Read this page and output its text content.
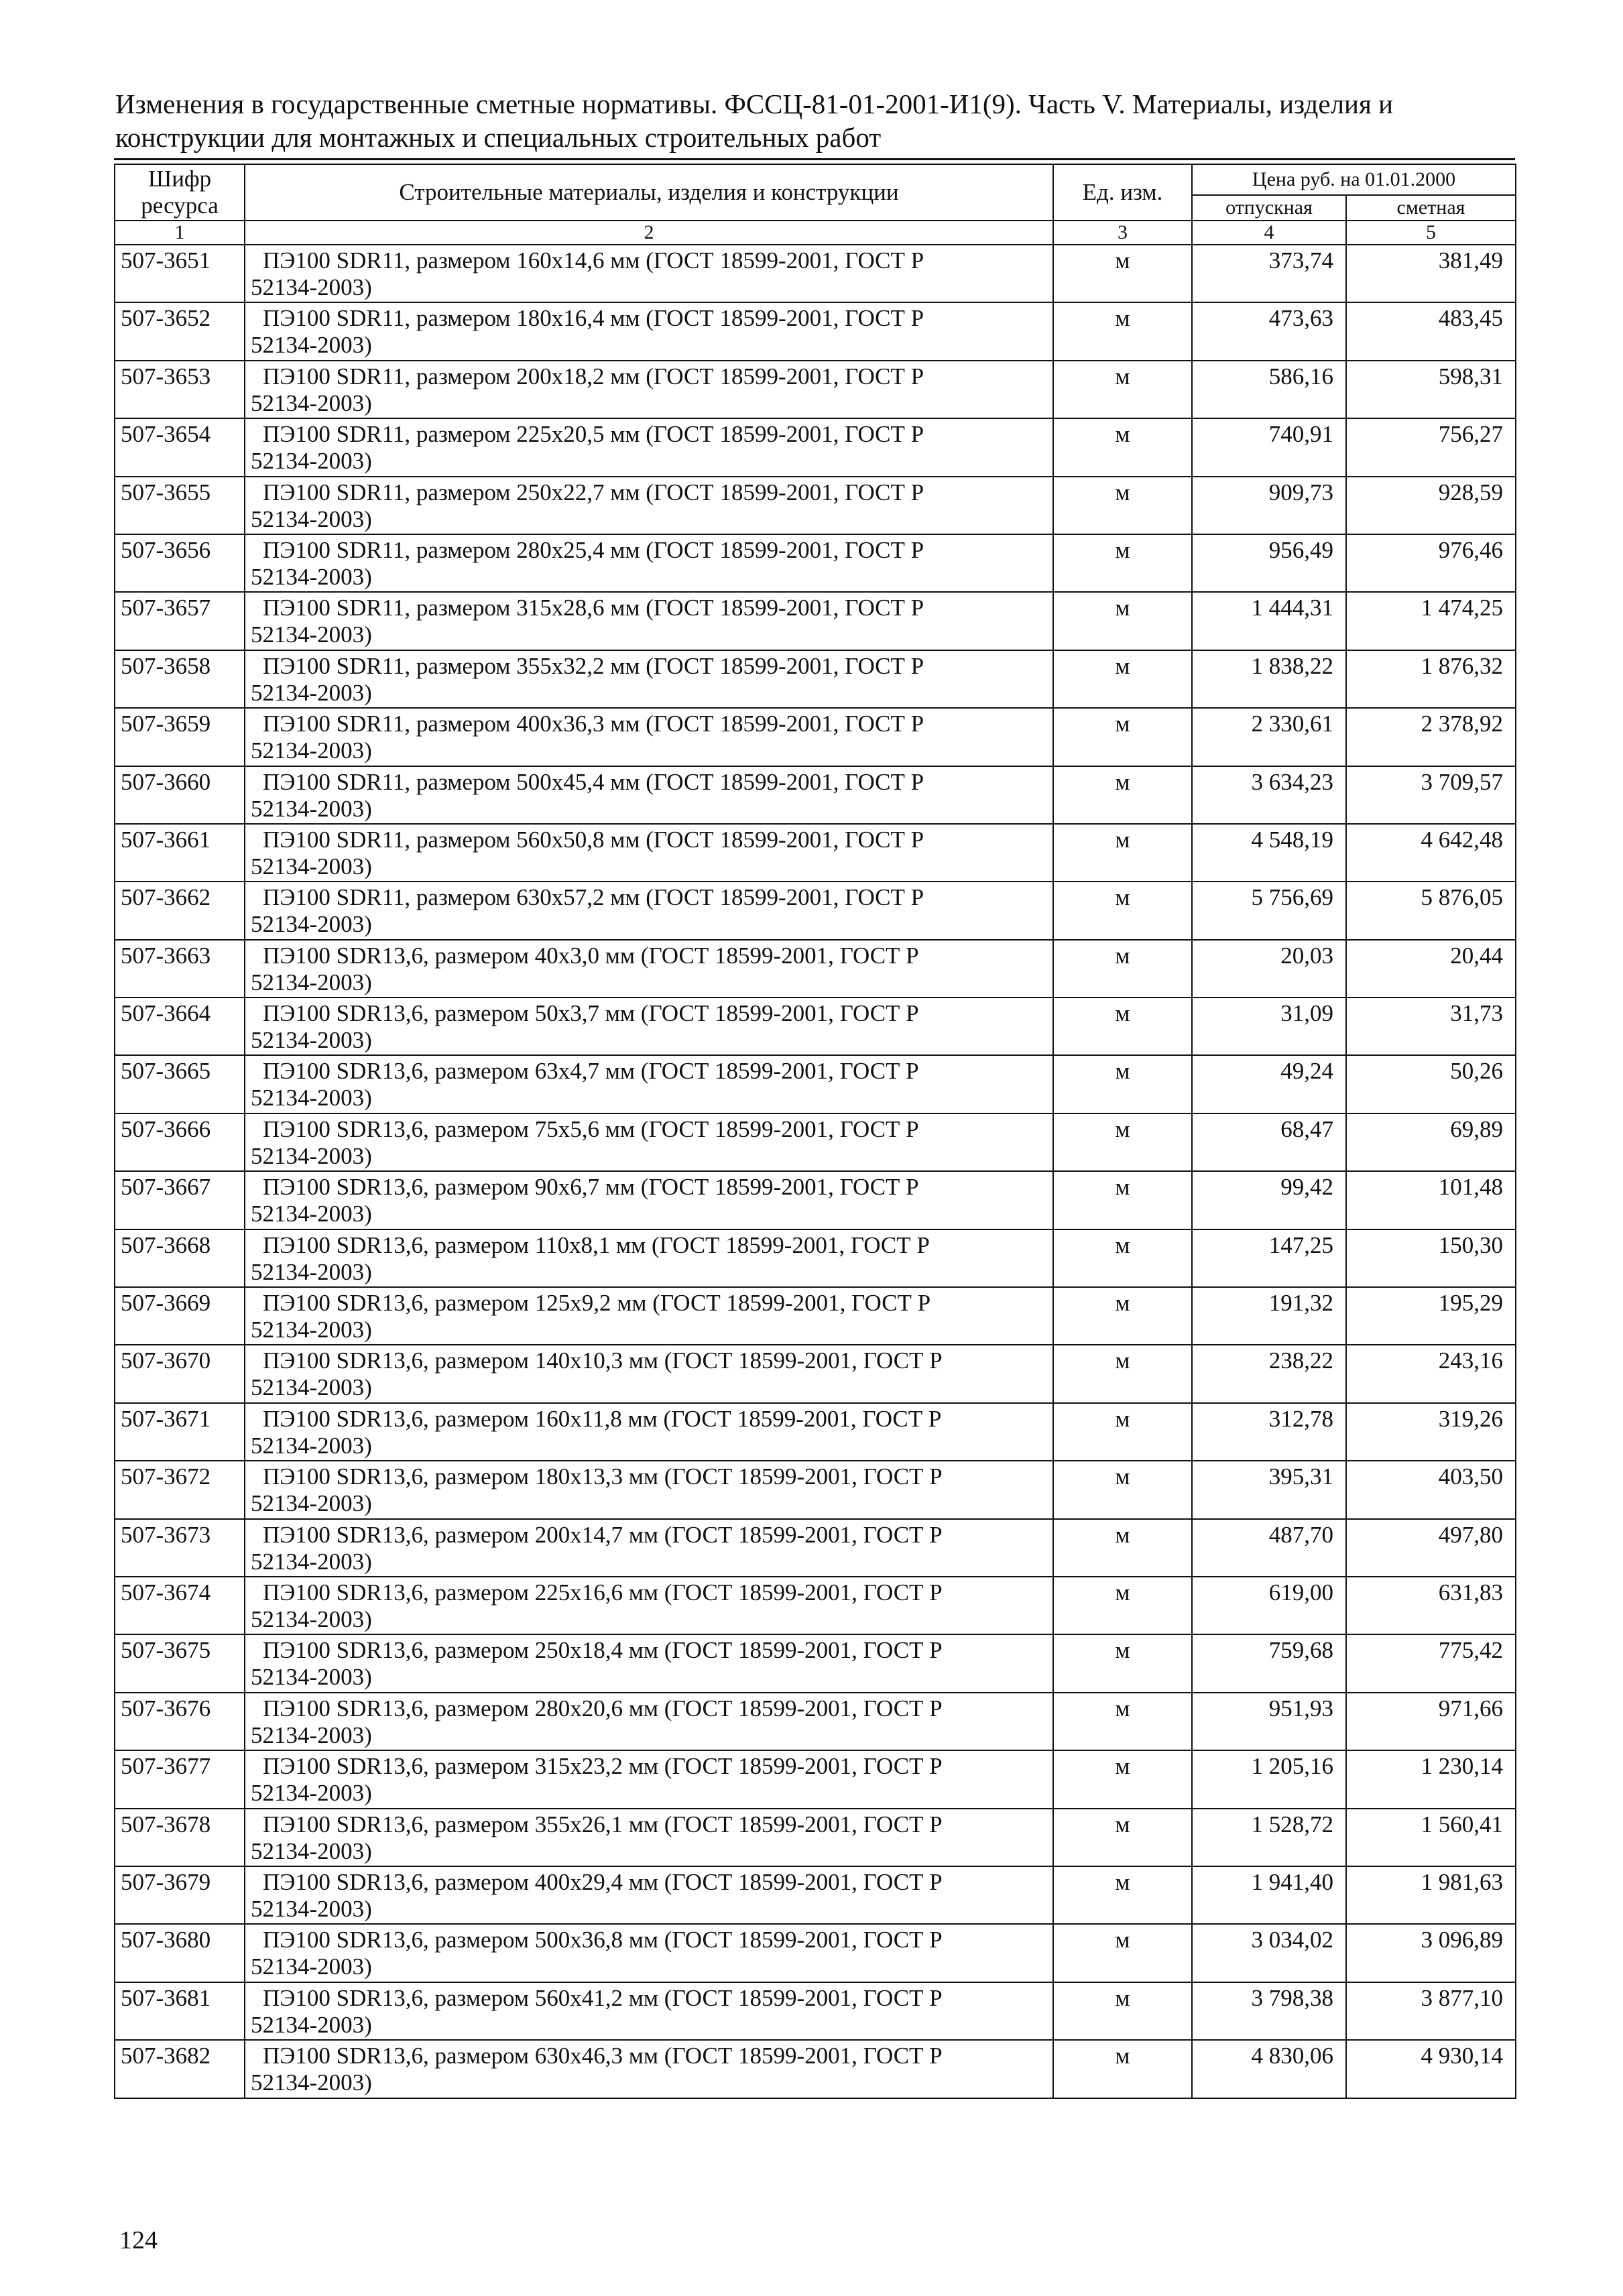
Изменения в государственные сметные нормативы. ФССЦ-81-01-2001-И1(9). Часть V. Материалы, изделия и конструкции для монтажных и специальных строительных работ
Шифр ресурса	Строительные материалы, изделия и конструкции	Ед. изм.	Цена руб. на 01.01.2000	
			отпускная	сметная
1	2	3	4	5
507-3651	ПЭ100 SDR11, размером 160х14,6 мм (ГОСТ 18599-2001, ГОСТ Р
52134-2003)	м	373,74	381,49
507-3652	ПЭ100 SDR11, размером 180х16,4 мм (ГОСТ 18599-2001, ГОСТ Р
52134-2003)	м	473,63	483,45
507-3653	ПЭ100 SDR11, размером 200х18,2 мм (ГОСТ 18599-2001, ГОСТ Р
52134-2003)	м	586,16	598,31
507-3654	ПЭ100 SDR11, размером 225х20,5 мм (ГОСТ 18599-2001, ГОСТ Р
52134-2003)	м	740,91	756,27
507-3655	ПЭ100 SDR11, размером 250х22,7 мм (ГОСТ 18599-2001, ГОСТ Р
52134-2003)	м	909,73	928,59
507-3656	ПЭ100 SDR11, размером 280х25,4 мм (ГОСТ 18599-2001, ГОСТ Р
52134-2003)	м	956,49	976,46
507-3657	ПЭ100 SDR11, размером 315х28,6 мм (ГОСТ 18599-2001, ГОСТ Р
52134-2003)	м	1 444,31	1 474,25
507-3658	ПЭ100 SDR11, размером 355х32,2 мм (ГОСТ 18599-2001, ГОСТ Р
52134-2003)	м	1 838,22	1 876,32
507-3659	ПЭ100 SDR11, размером 400х36,3 мм (ГОСТ 18599-2001, ГОСТ Р
52134-2003)	м	2 330,61	2 378,92
507-3660	ПЭ100 SDR11, размером 500х45,4 мм (ГОСТ 18599-2001, ГОСТ Р
52134-2003)	м	3 634,23	3 709,57
507-3661	ПЭ100 SDR11, размером 560х50,8 мм (ГОСТ 18599-2001, ГОСТ Р
52134-2003)	м	4 548,19	4 642,48
507-3662	ПЭ100 SDR11, размером 630х57,2 мм (ГОСТ 18599-2001, ГОСТ Р
52134-2003)	м	5 756,69	5 876,05
507-3663	ПЭ100 SDR13,6, размером 40х3,0 мм (ГОСТ 18599-2001, ГОСТ Р
52134-2003)	м	20,03	20,44
507-3664	ПЭ100 SDR13,6, размером 50х3,7 мм (ГОСТ 18599-2001, ГОСТ Р
52134-2003)	м	31,09	31,73
507-3665	ПЭ100 SDR13,6, размером 63х4,7 мм (ГОСТ 18599-2001, ГОСТ Р
52134-2003)	м	49,24	50,26
507-3666	ПЭ100 SDR13,6, размером 75х5,6 мм (ГОСТ 18599-2001, ГОСТ Р
52134-2003)	м	68,47	69,89
507-3667	ПЭ100 SDR13,6, размером 90х6,7 мм (ГОСТ 18599-2001, ГОСТ Р
52134-2003)	м	99,42	101,48
507-3668	ПЭ100 SDR13,6, размером 110х8,1 мм (ГОСТ 18599-2001, ГОСТ Р
52134-2003)	м	147,25	150,30
507-3669	ПЭ100 SDR13,6, размером 125х9,2 мм (ГОСТ 18599-2001, ГОСТ Р
52134-2003)	м	191,32	195,29
507-3670	ПЭ100 SDR13,6, размером 140х10,3 мм (ГОСТ 18599-2001, ГОСТ Р
52134-2003)	м	238,22	243,16
507-3671	ПЭ100 SDR13,6, размером 160х11,8 мм (ГОСТ 18599-2001, ГОСТ Р
52134-2003)	м	312,78	319,26
507-3672	ПЭ100 SDR13,6, размером 180х13,3 мм (ГОСТ 18599-2001, ГОСТ Р
52134-2003)	м	395,31	403,50
507-3673	ПЭ100 SDR13,6, размером 200х14,7 мм (ГОСТ 18599-2001, ГОСТ Р
52134-2003)	м	487,70	497,80
507-3674	ПЭ100 SDR13,6, размером 225х16,6 мм (ГОСТ 18599-2001, ГОСТ Р
52134-2003)	м	619,00	631,83
507-3675	ПЭ100 SDR13,6, размером 250х18,4 мм (ГОСТ 18599-2001, ГОСТ Р
52134-2003)	м	759,68	775,42
507-3676	ПЭ100 SDR13,6, размером 280х20,6 мм (ГОСТ 18599-2001, ГОСТ Р
52134-2003)	м	951,93	971,66
507-3677	ПЭ100 SDR13,6, размером 315х23,2 мм (ГОСТ 18599-2001, ГОСТ Р
52134-2003)	м	1 205,16	1 230,14
507-3678	ПЭ100 SDR13,6, размером 355х26,1 мм (ГОСТ 18599-2001, ГОСТ Р
52134-2003)	м	1 528,72	1 560,41
507-3679	ПЭ100 SDR13,6, размером 400х29,4 мм (ГОСТ 18599-2001, ГОСТ Р
52134-2003)	м	1 941,40	1 981,63
507-3680	ПЭ100 SDR13,6, размером 500х36,8 мм (ГОСТ 18599-2001, ГОСТ Р
52134-2003)	м	3 034,02	3 096,89
507-3681	ПЭ100 SDR13,6, размером 560х41,2 мм (ГОСТ 18599-2001, ГОСТ Р
52134-2003)	м	3 798,38	3 877,10
507-3682	ПЭ100 SDR13,6, размером 630х46,3 мм (ГОСТ 18599-2001, ГОСТ Р
52134-2003)	м	4 830,06	4 930,14
124
